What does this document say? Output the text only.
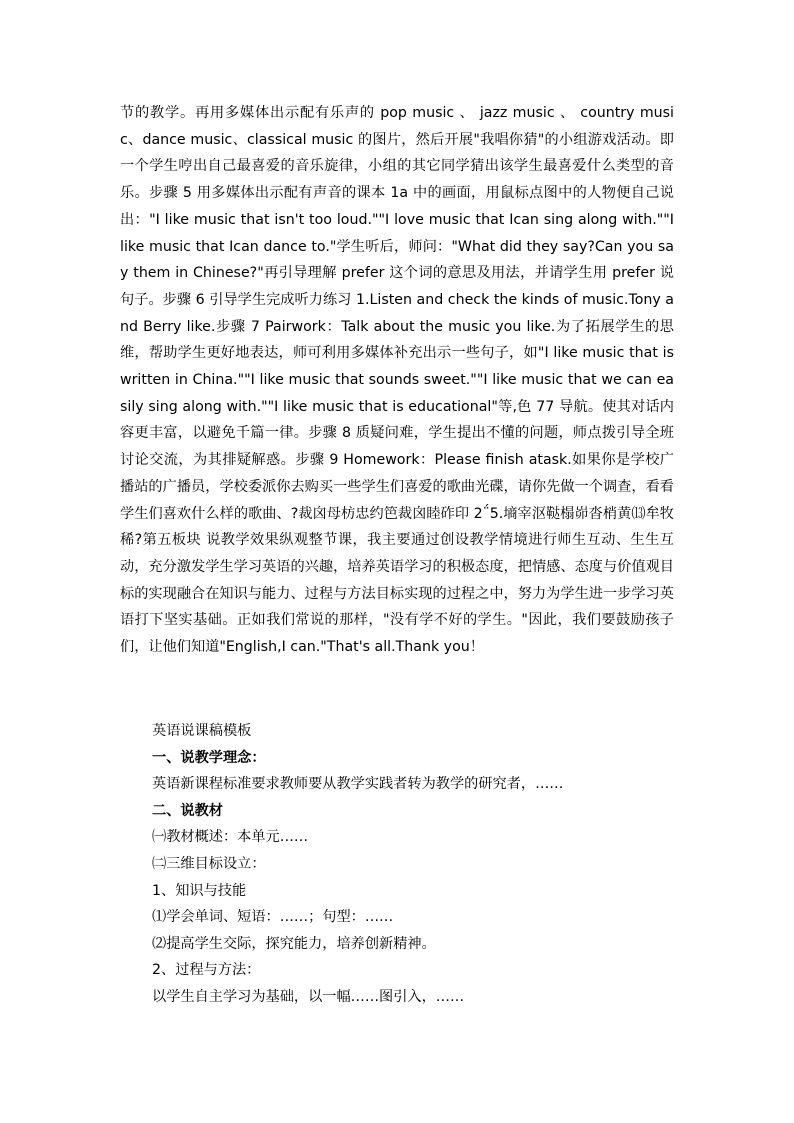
节的教学。再用多媒体出示配有乐声的 pop music 、 jazz music 、 country music、dance music、classical music 的图片，然后开展"我唱你猜"的小组游戏活动。即一个学生哼出自己最喜爱的音乐旋律，小组的其它同学猜出该学生最喜爱什么类型的音乐。步骤 5 用多媒体出示配有声音的课本 1a 中的画面，用鼠标点图中的人物便自己说出："I like music that isn't too loud.""I love music that Ican sing along with.""I like music that Ican dance to."学生听后，师问："What did they say?Can you say them in Chinese?"再引导理解 prefer 这个词的意思及用法，并请学生用 prefer 说句子。步骤 6 引导学生完成听力练习 1.Listen and check the kinds of music.Tony and Berry like.步骤 7 Pairwork：Talk about the music you like.为了拓展学生的思维，帮助学生更好地表达，师可利用多媒体补充出示一些句子，如"I like music that is written in China.""I like music that sounds sweet.""I like music that we can easily sing along with.""I like music that is educational"等,色 77 导航。使其对话内容更丰富，以避免千篇一律。步骤 8 质疑问难，学生提出不懂的问题，师点拨引导全班讨论交流，为其排疑解惑。步骤 9 Homework：Please finish atask.如果你是学校广播站的广播员，学校委派你去购买一些学生们喜爱的歌曲光碟，请你先做一个调查，看看学生们喜欢什么样的歌曲、?裁囟母枋忠约笆裁囟睦砟印 2΅5.墒宰沤鞑榻峁沓梢黄⒀牟牧稀?第五板块 说教学效果纵观整节课，我主要通过创设教学情境进行师生互动、生生互动，充分激发学生学习英语的兴趣，培养英语学习的积极态度，把情感、态度与价值观目标的实现融合在知识与能力、过程与方法目标实现的过程之中，努力为学生进一步学习英语打下坚实基础。正如我们常说的那样，"没有学不好的学生。"因此，我们要鼓励孩子们，让他们知道"English,I can."That's all.Thank you！

英语说课稿模板
一、说教学理念：
英语新课程标准要求教师要从教学实践者转为教学的研究者，……
二、说教材
㈠教材概述：本单元……
㈡三维目标设立：
1、知识与技能
⑴学会单词、短语：……；句型：……
⑵提高学生交际，探究能力，培养创新精神。
2、过程与方法：
以学生自主学习为基础，以一幅……图引入，……
